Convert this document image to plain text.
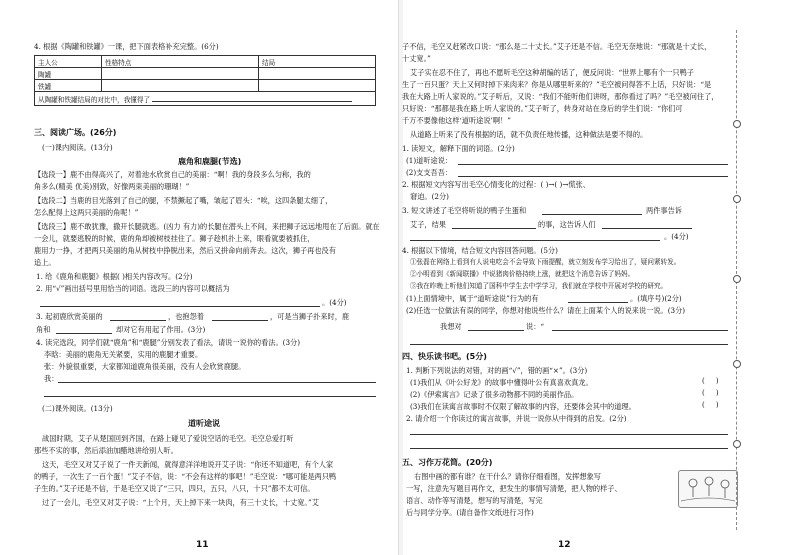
4. 根据《陶罐和铁罐》一课，把下面表格补充完整。(6分)
主人公	性格特点	结局
陶罐		
铁罐		
从陶罐和铁罐结局的对比中，我懂得了		
三、阅读广场。(26分)
(一)课内阅读。(13分)
鹿角和鹿腿(节选)
【选段一】鹿不由得高兴了，对着池水欣赏自己的美丽：“啊！我的身段多么匀称，我的
角多么(精美 优美)别致，好像两束美丽的珊瑚！”
【选段二】当鹿的目光落到了自己的腿，不禁撅起了嘴，皱起了眉头：“唉，这四条腿太细了，
怎么配得上这两只美丽的角呢！”
【选段三】鹿不敢犹豫，撒开长腿就逃。(凶力 有力)的长腿在潜头上不间，来把狮子远远地甩在了后面。就在
一会儿，就要逃脱的时候，鹿的角却被树枝挂住了。狮子趁机扑上来，眼看就要被抓住，
鹿用力一挣，才把两只美丽的角从树枝中挣脱出来，然后又拼命向前奔去。这次，狮子再也没有
追上。
1. 给《鹿角和鹿腿》根据( )相关内容改写。(2分)
2. 用“√”画出括号里用恰当的词语。选段三的内容可以概括为
。(4分)
3. 起初鹿欣赏美丽的	，也抱怨着	，可是当狮子扑来时，鹿
角和	却对它有用起了作用。(3分)
4. 读完选段，同学们就“鹿角”和“鹿腿”分别发表了看法，请说一说你的看法。(3分)
李晗：美丽的鹿角无关紧要，实用的鹿腿才重要。
张：外貌很重要，大家都知道鹿角很美丽，没有人会欣赏鹿腿。
我：
(二)课外阅读。(13分)
道听途说
战国时期，艾子从楚国回到齐国，在路上碰见了爱说空话的毛空。毛空总爱打听
那些不实的事，然后添油加醋地讲给别人听。
这天，毛空又对艾子说了一件天新闻，就得意洋洋地说开艾子说：“你还不知道吧，有个人家
的鸭子，一次生了一百个蛋！”艾子不信，说：“不会有这样的事吧！”毛空说：“哪可能是两只鸭
子生的。”艾子还是不信，于是毛空又说了“三只，四只，五只，八只，十只”都不太可信。
过了一会儿，毛空又对艾子说：“上个月，天上掉下来一块肉，有三十丈长，十丈宽。”艾
11
子不信，毛空又赶紧改口说：“那么是二十丈长。”艾子还是不信。毛空无奈地说：“那就是十丈长，
十丈宽。”
艾子实在忍不住了，再也不愿听毛空这种胡编的话了，便反问说：“世界上哪有个一只鸭子
生了一百只蛋？天上又何时掉下来肉来？你是从哪里听来的？”毛空被问得答不上话，只好说：“是
我在大路上听人家说的。”艾子听后，又说：“我们不能听他们讲呀，那你看过了吗？”毛空被问住了，
只好说：“那都是我在路上听人家说的。”艾子听了，转身对站在身后的学生们说：“你们可
千万不要像他这样‘道听途说’啊！”
从道路上听来了没有根据的话，就不负责任地传播，这种做法是要不得的。
1. 读短文，解释下面的词语。(2分)
(1)道听途说：
(2)支支吾吾：
2. 根据短文内容写出毛空心情变化的过程：( )→( )→慌张、
窘迫。(2分)
3. 短文讲述了毛空将听说的鸭子生蛋和	两件事告诉
艾子，结果	的事，这告诉人们
。(4分)
4. 根据以下情境，结合短文内容回答问题。(5分)
①张磊在网络上看到有人说电吃会不会导致下雨提醒，就立刻发布学习给出了，疑问紧转发。
②小明看到《新闻联播》中说猪肉价格持续上涨，就把这个消息告诉了妈妈。
③我在昨晚上听他们知道了国科中学生去中学学习，我们就在学校中开展对学校的研究。
(1)上面情境中，属于“道听途说”行为的有	。(填序号)(2分)
(2)任选一位做法有误的同学，你想对他说些什么？请在上面某个人的说来说一说。(3分)
我想对	说：“
四、快乐读书吧。(5分)
1. 判断下列说法的对错，对的画“√”，错的画“×”。(3分)
(1)我们从《叶公好龙》的故事中懂得叶公有真喜欢真龙。	(     )
(2)《伊索寓言》记录了很多动物都不同的美丽作品。	(     )
(3)我们在读寓言故事时不仅限了解故事的内容，还要体会其中的道理。	(     )
2. 请介绍一个你读过的寓言故事，并说一说你从中得到的启发。(2分)
五、习作万花筒。(20分)
右图中画的都有谁？在干什么？请你仔细看图，发挥想象写
一写，注意先写题目再作文，把发生的事情写清楚，把人物的样子、
语言、动作等写清楚，想写的写清楚，写完
后与同学分享。(请自备作文纸进行习作)
12
